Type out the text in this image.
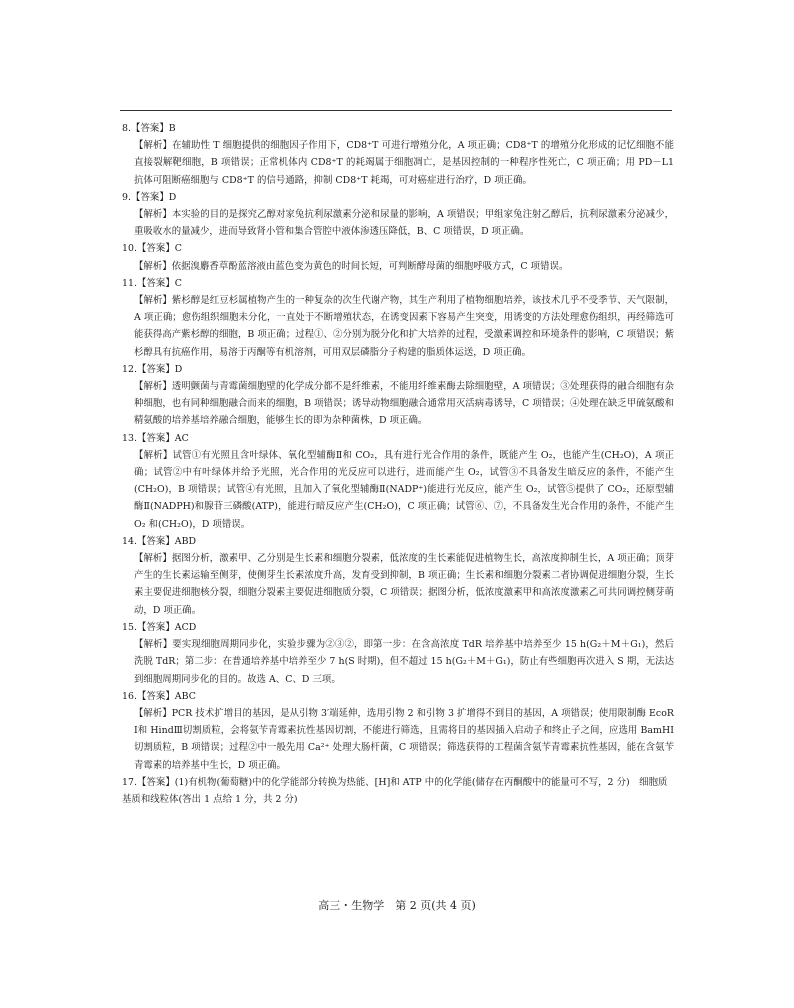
8.【答案】B
【解析】在辅助性 T 细胞提供的细胞因子作用下，CD8⁺T 可进行增殖分化，A 项正确；CD8⁺T 的增殖分化形成的记忆细胞不能直接裂解靶细胞，B 项错误；正常机体内 CD8⁺T 的耗竭属于细胞凋亡，是基因控制的一种程序性死亡，C 项正确；用 PD－L1 抗体可阻断癌细胞与 CD8⁺T 的信号通路，抑制 CD8⁺T 耗竭，可对癌症进行治疗，D 项正确。
9.【答案】D
【解析】本实验的目的是探究乙醇对家兔抗利尿激素分泌和尿量的影响，A 项错误；甲组家兔注射乙醇后，抗利尿激素分泌减少，重吸收水的量减少，进而导致肾小管和集合管腔中液体渗透压降低，B、C 项错误，D 项正确。
10.【答案】C
【解析】依据溴麝香草酚蓝溶液由蓝色变为黄色的时间长短，可判断酵母菌的细胞呼吸方式，C 项错误。
11.【答案】C
【解析】紫杉醇是红豆杉属植物产生的一种复杂的次生代谢产物，其生产利用了植物细胞培养，该技术几乎不受季节、天气限制，A 项正确；愈伤组织细胞未分化，一直处于不断增殖状态，在诱变因素下容易产生突变，用诱变的方法处理愈伤组织，再经筛选可能获得高产紫杉醇的细胞，B 项正确；过程①、②分别为脱分化和扩大培养的过程，受激素调控和环境条件的影响，C 项错误；紫杉醇具有抗癌作用，易溶于丙酮等有机溶剂，可用双层磷脂分子构建的脂质体运送，D 项正确。
12.【答案】D
【解析】透明颤菌与青霉菌细胞壁的化学成分都不是纤维素，不能用纤维素酶去除细胞壁，A 项错误；③处理获得的融合细胞有杂种细胞，也有同种细胞融合而来的细胞，B 项错误；诱导动物细胞融合通常用灭活病毒诱导，C 项错误；④处理在缺乏甲硫氨酸和精氨酸的培养基培养融合细胞，能够生长的即为杂种菌株，D 项正确。
13.【答案】AC
【解析】试管①有光照且含叶绿体、氧化型辅酶Ⅱ和 CO₂，具有进行光合作用的条件，既能产生 O₂，也能产生(CH₂O)，A 项正确；试管②中有叶绿体并给予光照，光合作用的光反应可以进行，进而能产生 O₂，试管③不具备发生暗反应的条件，不能产生(CH₂O)，B 项错误；试管④有光照，且加入了氧化型辅酶Ⅱ(NADP⁺)能进行光反应，能产生 O₂，试管⑤提供了 CO₂，还原型辅酶Ⅱ(NADPH)和腺苷三磷酸(ATP)，能进行暗反应产生(CH₂O)，C 项正确；试管⑥、⑦，不具备发生光合作用的条件，不能产生 O₂ 和(CH₂O)，D 项错误。
14.【答案】ABD
【解析】据图分析，激素甲、乙分别是生长素和细胞分裂素，低浓度的生长素能促进植物生长，高浓度抑制生长，A 项正确；顶芽产生的生长素运输至侧芽，使侧芽生长素浓度升高，发育受到抑制，B 项正确；生长素和细胞分裂素二者协调促进细胞分裂，生长素主要促进细胞核分裂，细胞分裂素主要促进细胞质分裂，C 项错误；据图分析，低浓度激素甲和高浓度激素乙可共同调控侧芽萌动，D 项正确。
15.【答案】ACD
【解析】要实现细胞周期同步化，实验步骤为②③②，即第一步：在含高浓度 TdR 培养基中培养至少 15 h(G₂＋M＋G₁)，然后洗脱 TdR；第二步：在普通培养基中培养至少 7 h(S 时期)，但不超过 15 h(G₂＋M＋G₁)，防止有些细胞再次进入 S 期，无法达到细胞周期同步化的目的。故选 A、C、D 三项。
16.【答案】ABC
【解析】PCR 技术扩增目的基因，是从引物 3′端延伸，选用引物 2 和引物 3 扩增得不到目的基因，A 项错误；使用限制酶 EcoR Ⅰ和 HindⅢ切割质粒，会将氨苄青霉素抗性基因切割，不能进行筛选，且需将目的基因插入启动子和终止子之间，应选用 BamHⅠ切割质粒，B 项错误；过程②中一般先用 Ca²⁺ 处理大肠杆菌，C 项错误；筛选获得的工程菌含氨苄青霉素抗性基因，能在含氨苄青霉素的培养基中生长，D 项正确。
17.【答案】(1)有机物(葡萄糖)中的化学能部分转换为热能、[H]和 ATP 中的化学能(储存在丙酮酸中的能量可不写，2 分)　细胞质基质和线粒体(答出 1 点给 1 分，共 2 分)
高三・生物学　第 2 页(共 4 页)
